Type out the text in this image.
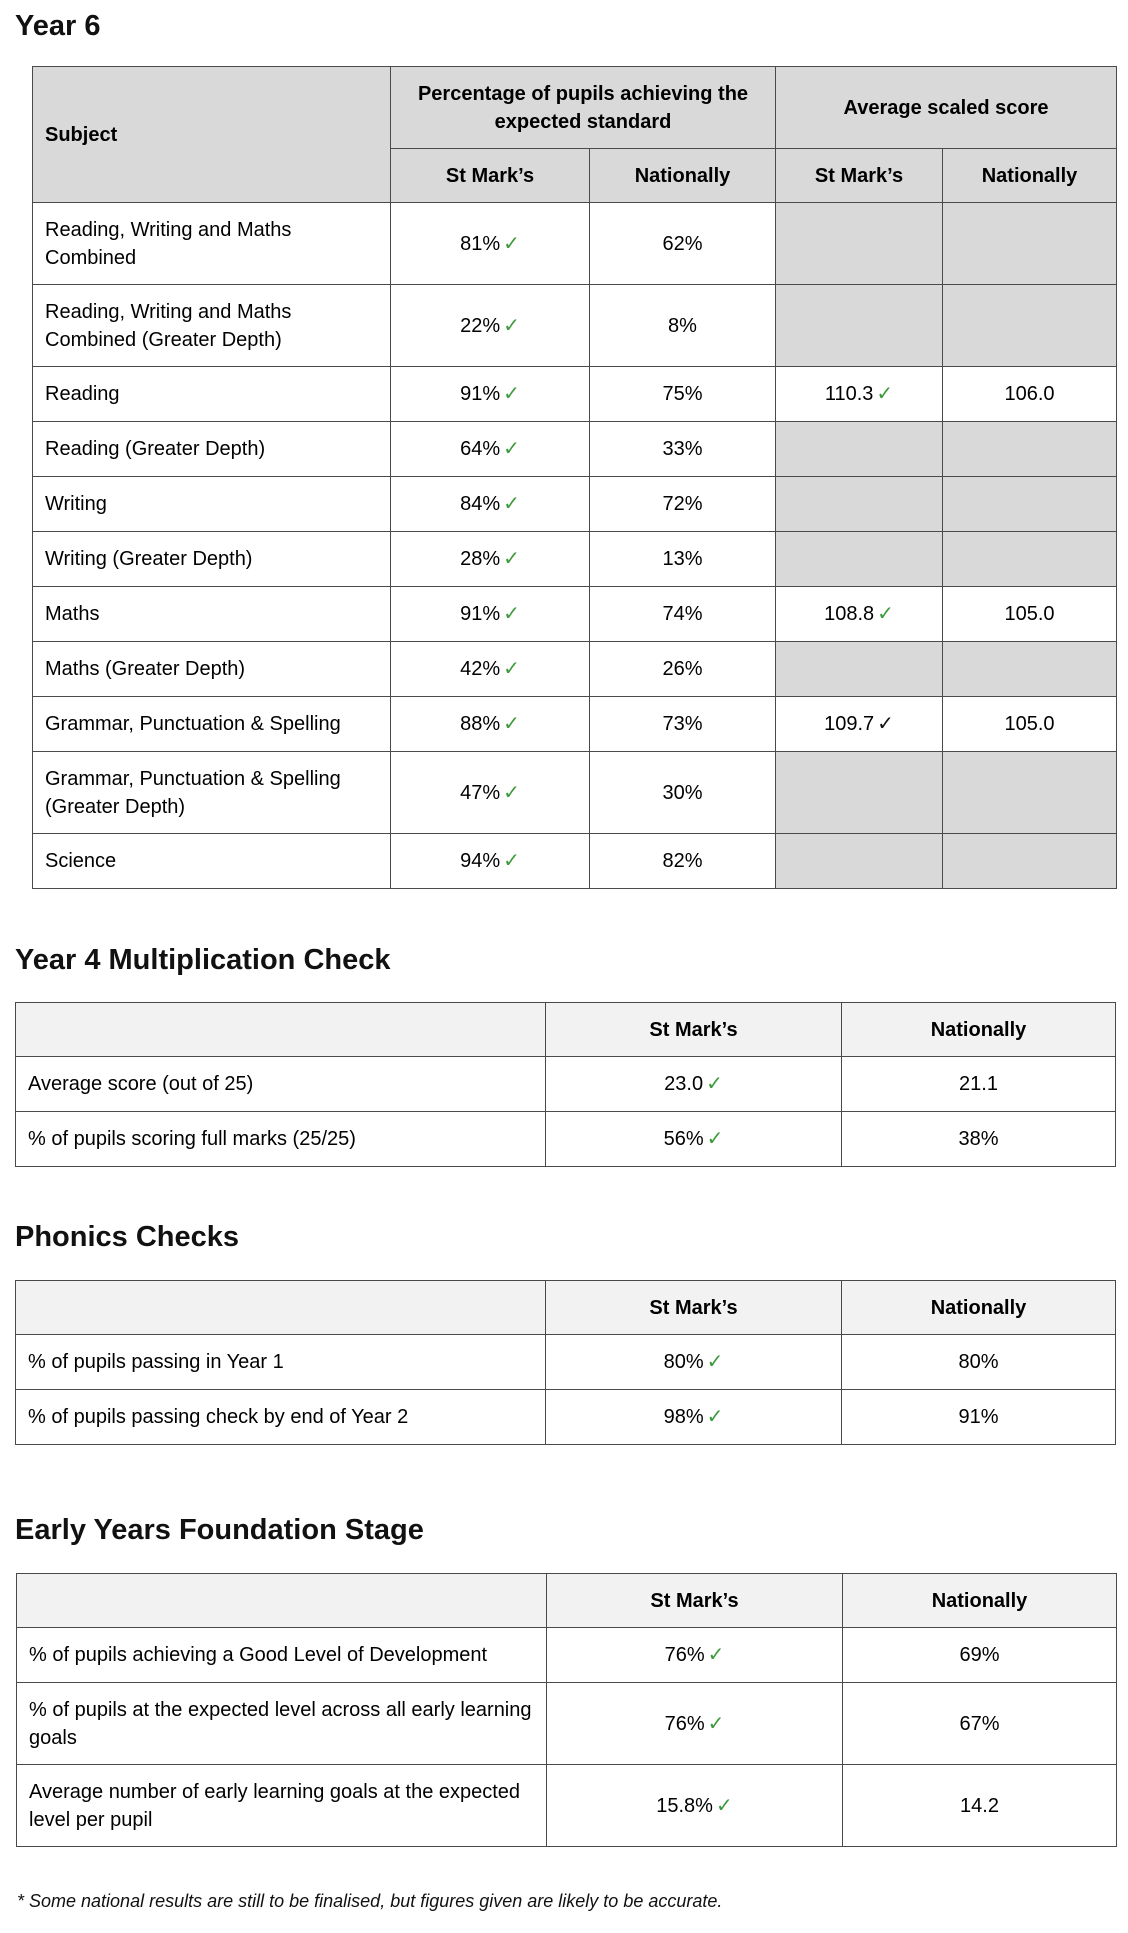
Year 6
Subject	Percentage of pupils achieving the expected standard		Average scaled score	
	St Mark’s	Nationally	St Mark’s	Nationally
Reading, Writing and Maths Combined	81% ✓	62%		
Reading, Writing and Maths Combined (Greater Depth)	22% ✓	8%		
Reading	91% ✓	75%	110.3 ✓	106.0
Reading (Greater Depth)	64% ✓	33%		
Writing	84% ✓	72%		
Writing (Greater Depth)	28% ✓	13%		
Maths	91% ✓	74%	108.8 ✓	105.0
Maths (Greater Depth)	42% ✓	26%		
Grammar, Punctuation & Spelling	88% ✓	73%	109.7 ✓	105.0
Grammar, Punctuation & Spelling (Greater Depth)	47% ✓	30%		
Science	94% ✓	82%		
Year 4 Multiplication Check
	St Mark’s	Nationally
Average score (out of 25)	23.0 ✓	21.1
% of pupils scoring full marks (25/25)	56% ✓	38%
Phonics Checks
	St Mark’s	Nationally
% of pupils passing in Year 1	80% ✓	80%
% of pupils passing check by end of Year 2	98% ✓	91%
Early Years Foundation Stage
	St Mark’s	Nationally
% of pupils achieving a Good Level of Development	76% ✓	69%
% of pupils at the expected level across all early learning goals	76% ✓	67%
Average number of early learning goals at the expected level per pupil	15.8% ✓	14.2
* Some national results are still to be finalised, but figures given are likely to be accurate.
